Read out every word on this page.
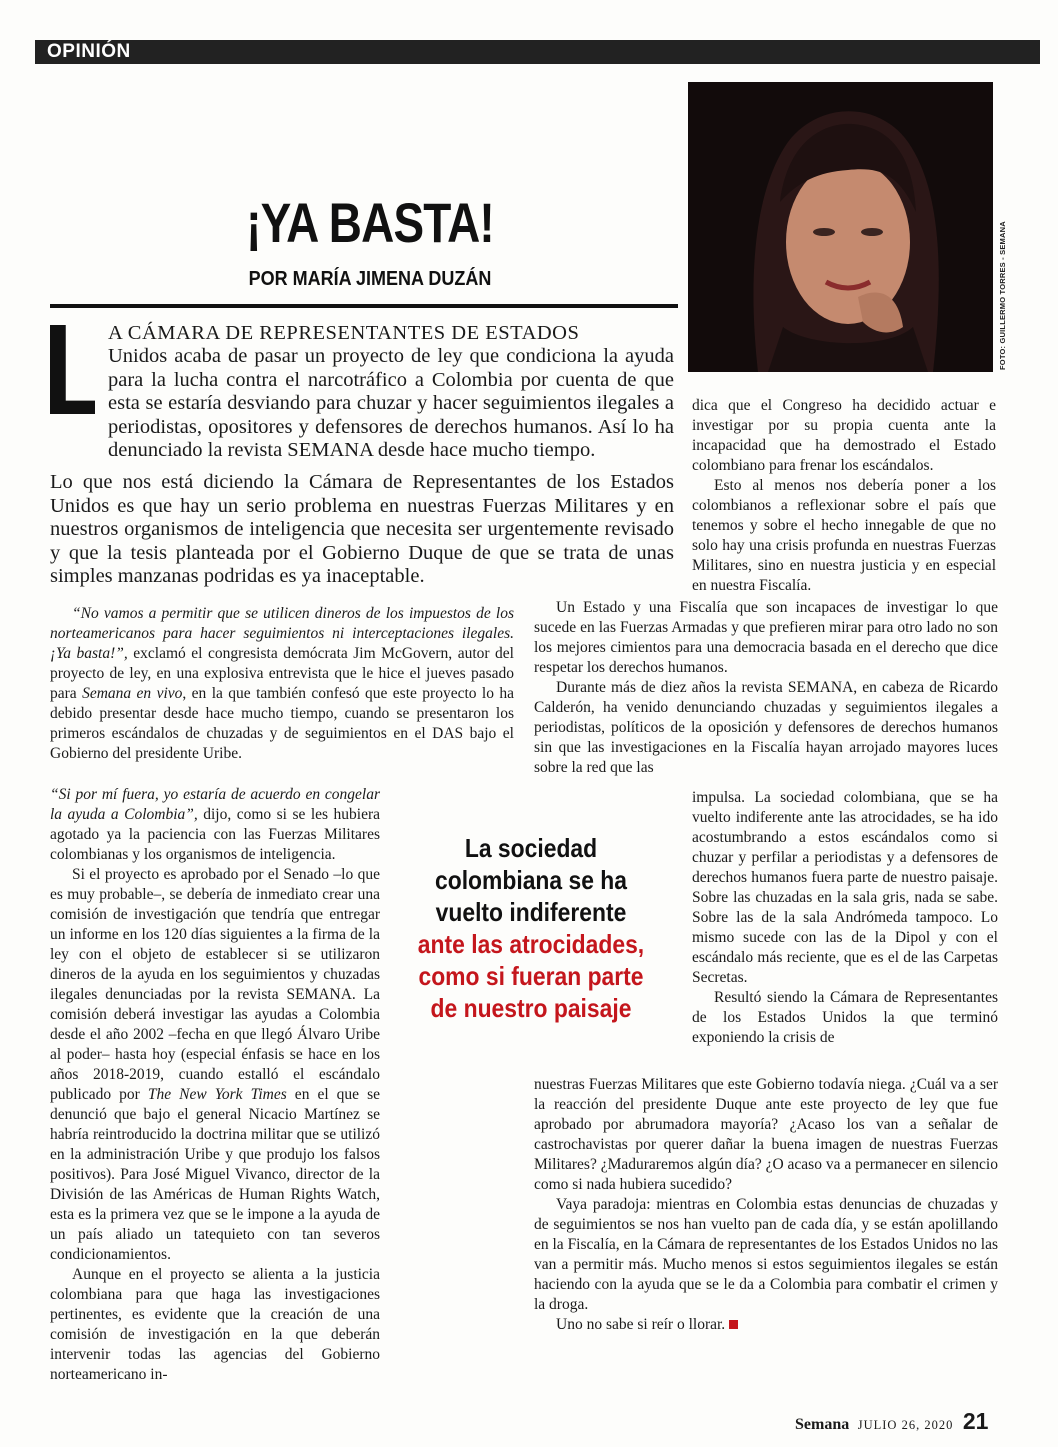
OPINIÓN
FOTO: GUILLERMO TORRES - SEMANA
¡YA BASTA!
POR MARÍA JIMENA DUZÁN

A CÁMARA DE REPRESENTANTES DE ESTADOS

Unidos acaba de pasar un proyecto de ley que condiciona la ayuda para la lucha contra el narcotráfico a Colombia por cuenta de que esta se estaría desviando para chuzar y hacer seguimientos ilegales a periodistas, opositores y defensores de derechos humanos. Así lo ha denunciado la revista SEMANA desde hace mucho tiempo.

Lo que nos está diciendo la Cámara de Representantes de los Estados Unidos es que hay un serio problema en nuestras Fuerzas Militares y en nuestros organismos de inteligencia que necesita ser urgentemente revisado y que la tesis planteada por el Gobierno Duque de que se trata de unas simples manzanas podridas es ya inaceptable.

“No vamos a permitir que se utilicen dineros de los impuestos de los norteamericanos para hacer seguimientos ni interceptaciones ilegales. ¡Ya basta!”, exclamó el congresista demócrata Jim McGovern, autor del proyecto de ley, en una explosiva entrevista que le hice el jueves pasado para Semana en vivo, en la que también confesó que este proyecto lo ha debido presentar desde hace mucho tiempo, cuando se presentaron los primeros escándalos de chuzadas y de seguimientos en el DAS bajo el Gobierno del presidente Uribe.

“Si por mí fuera, yo estaría de acuerdo en congelar la ayuda a Colombia”, dijo, como si se les hubiera agotado ya la paciencia con las Fuerzas Militares colombianas y los organismos de inteligencia.

Si el proyecto es aprobado por el Senado –lo que es muy probable–, se debería de inmediato crear una comisión de investigación que tendría que entregar un informe en los 120 días siguientes a la firma de la ley con el objeto de establecer si se utilizaron dineros de la ayuda en los seguimientos y chuzadas ilegales denunciadas por la revista SEMANA. La comisión deberá investigar las ayudas a Colombia desde el año 2002 –fecha en que llegó Álvaro Uribe al poder– hasta hoy (especial énfasis se hace en los años 2018-2019, cuando estalló el escándalo publicado por The New York Times en el que se denunció que bajo el general Nicacio Martínez se habría reintroducido la doctrina militar que se utilizó en la administración Uribe y que produjo los falsos positivos). Para José Miguel Vivanco, director de la División de las Américas de Human Rights Watch, esta es la primera vez que se le impone a la ayuda de un país aliado un tatequieto con tan severos condicionamientos.

Aunque en el proyecto se alienta a la justicia colombiana para que haga las investigaciones pertinentes, es evidente que la creación de una comisión de investigación en la que deberán intervenir todas las agencias del Gobierno norteamericano in-

dica que el Congreso ha decidido actuar e investigar por su propia cuenta ante la incapacidad que ha demostrado el Estado colombiano para frenar los escándalos.

Esto al menos nos debería poner a los colombianos a reflexionar sobre el país que tenemos y sobre el hecho innegable de que no solo hay una crisis profunda en nuestras Fuerzas Militares, sino en nuestra justicia y en especial en nuestra Fiscalía.

Un Estado y una Fiscalía que son incapaces de investigar lo que sucede en las Fuerzas Armadas y que prefieren mirar para otro lado no son los mejores cimientos para una democracia basada en el derecho que dice respetar los derechos humanos.

Durante más de diez años la revista SEMANA, en cabeza de Ricardo Calderón, ha venido denunciando chuzadas y seguimientos ilegales a periodistas, políticos de la oposición y defensores de derechos humanos sin que las investigaciones en la Fiscalía hayan arrojado mayores luces sobre la red que las

impulsa. La sociedad colombiana, que se ha vuelto indiferente ante las atrocidades, se ha ido acostumbrando a estos escándalos como si chuzar y perfilar a periodistas y a defensores de derechos humanos fuera parte de nuestro paisaje. Sobre las chuzadas en la sala gris, nada se sabe. Sobre las de la sala Andrómeda tampoco. Lo mismo sucede con las de la Dipol y con el escándalo más reciente, que es el de las Carpetas Secretas.

Resultó siendo la Cámara de Representantes de los Estados Unidos la que terminó exponiendo la crisis de

nuestras Fuerzas Militares que este Gobierno todavía niega. ¿Cuál va a ser la reacción del presidente Duque ante este proyecto de ley que fue aprobado por abrumadora mayoría? ¿Acaso los van a señalar de castrochavistas por querer dañar la buena imagen de nuestras Fuerzas Militares? ¿Maduraremos algún día? ¿O acaso va a permanecer en silencio como si nada hubiera sucedido?

Vaya paradoja: mientras en Colombia estas denuncias de chuzadas y de seguimientos se nos han vuelto pan de cada día, y se están apolillando en la Fiscalía, en la Cámara de representantes de los Estados Unidos no las van a permitir más. Mucho menos si estos seguimientos ilegales se están haciendo con la ayuda que se le da a Colombia para combatir el crimen y la droga.

Uno no sabe si reír o llorar.

La sociedad colombiana se ha vuelto indiferente
ante las atrocidades, como si fueran parte de nuestro paisaje
Semana JULIO 26, 2020 21
